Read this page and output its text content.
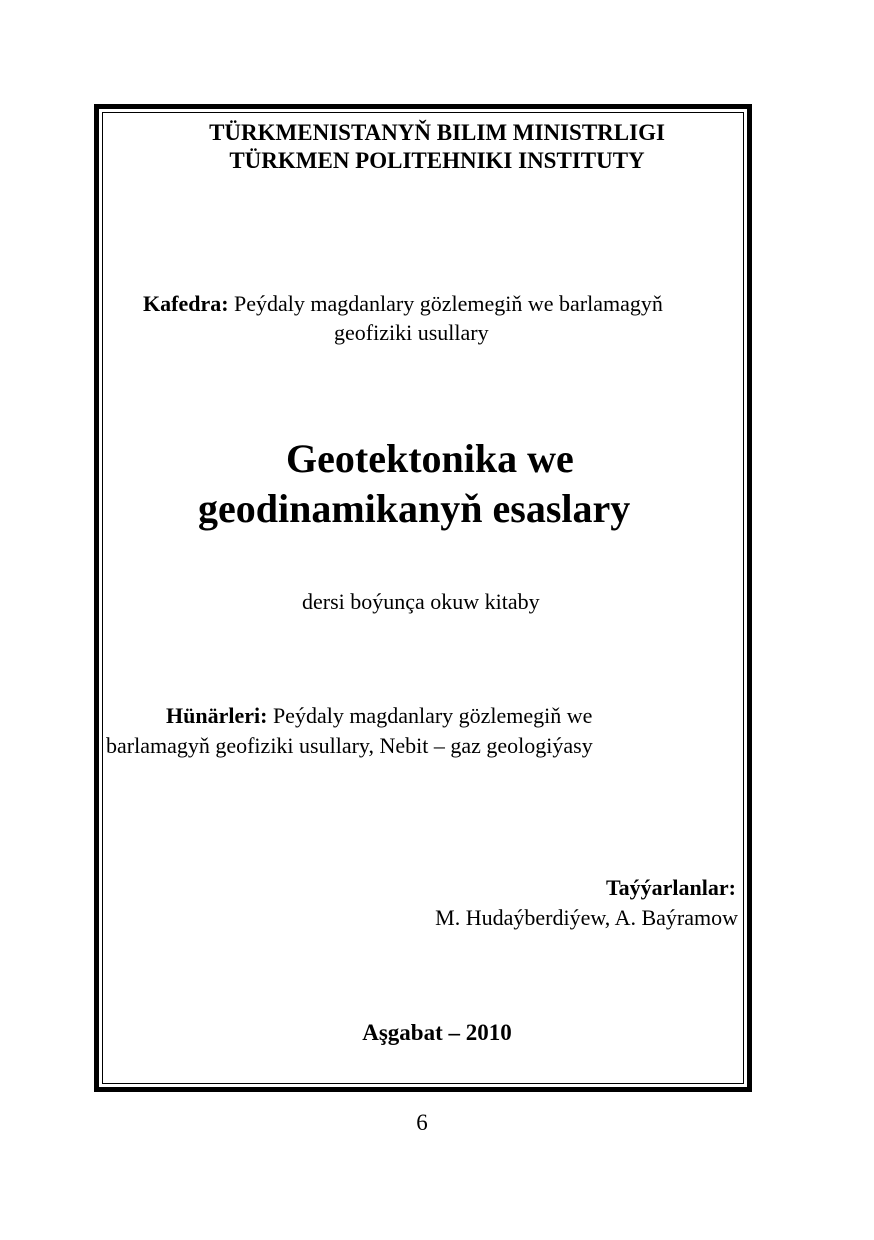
TÜRKMENISTANYŇ BILIM MINISTRLIGI
TÜRKMEN POLITEHNIKI INSTITUTY
Kafedra: Peýdaly magdanlary gözlemegiň we barlamagyň
geofiziki usullary
Geotektonika we
geodinamikanyň esaslary
dersi boýunça okuw kitaby
Hünärleri: Peýdaly magdanlary gözlemegiň we
barlamagyň geofiziki usullary, Nebit – gaz geologiýasy
Taýýarlanlar:
M. Hudaýberdiýew, A. Baýramow
Aşgabat – 2010
6
